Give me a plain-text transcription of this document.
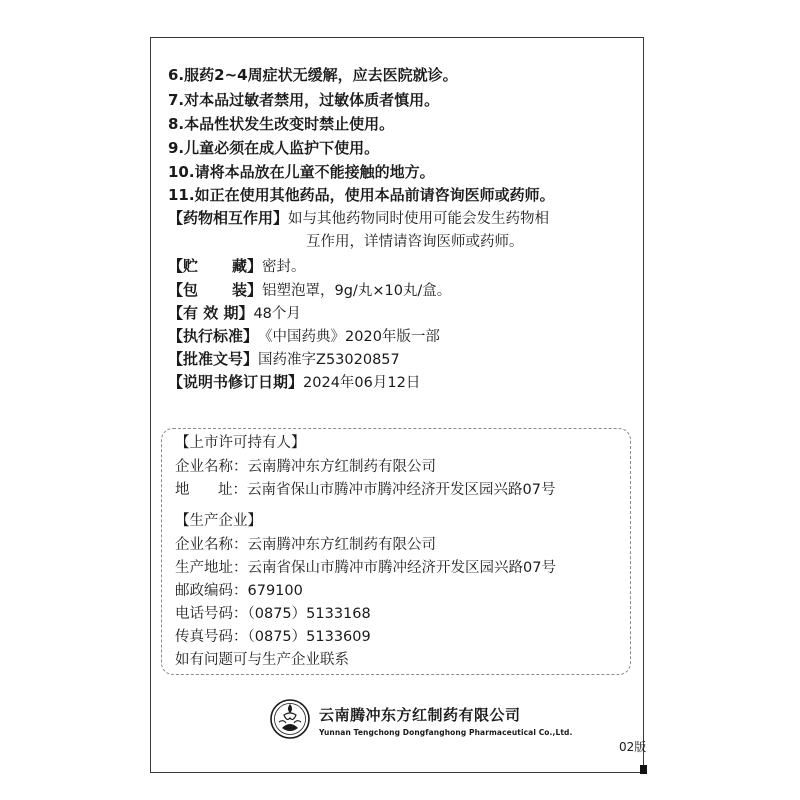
6.服药2~4周症状无缓解，应去医院就诊。
7.对本品过敏者禁用，过敏体质者慎用。
8.本品性状发生改变时禁止使用。
9.儿童必须在成人监护下使用。
10.请将本品放在儿童不能接触的地方。
11.如正在使用其他药品，使用本品前请咨询医师或药师。
【药物相互作用】 如与其他药物同时使用可能会发生药物相
互作用，详情请咨询医师或药师。
【贮 藏】 密封。
【包 装】 铝塑泡罩，9g/丸×10丸/盒。
【有 效 期】 48个月
【执行标准】 《中国药典》2020年版一部
【批准文号】 国药准字Z53020857
【说明书修订日期】 2024年06月12日
【上市许可持有人】
企业名称：云南腾冲东方红制药有限公司
地 址： 云南省保山市腾冲市腾冲经济开发区园兴路07号
【生产企业】
企业名称：云南腾冲东方红制药有限公司
生产地址：云南省保山市腾冲市腾冲经济开发区园兴路07号
邮政编码：679100
电话号码：（0875）5133168
传真号码：（0875）5133609
如有问题可与生产企业联系
云南腾冲东方红制药有限公司
Yunnan Tengchong Dongfanghong Pharmaceutical Co.,Ltd.
02版
